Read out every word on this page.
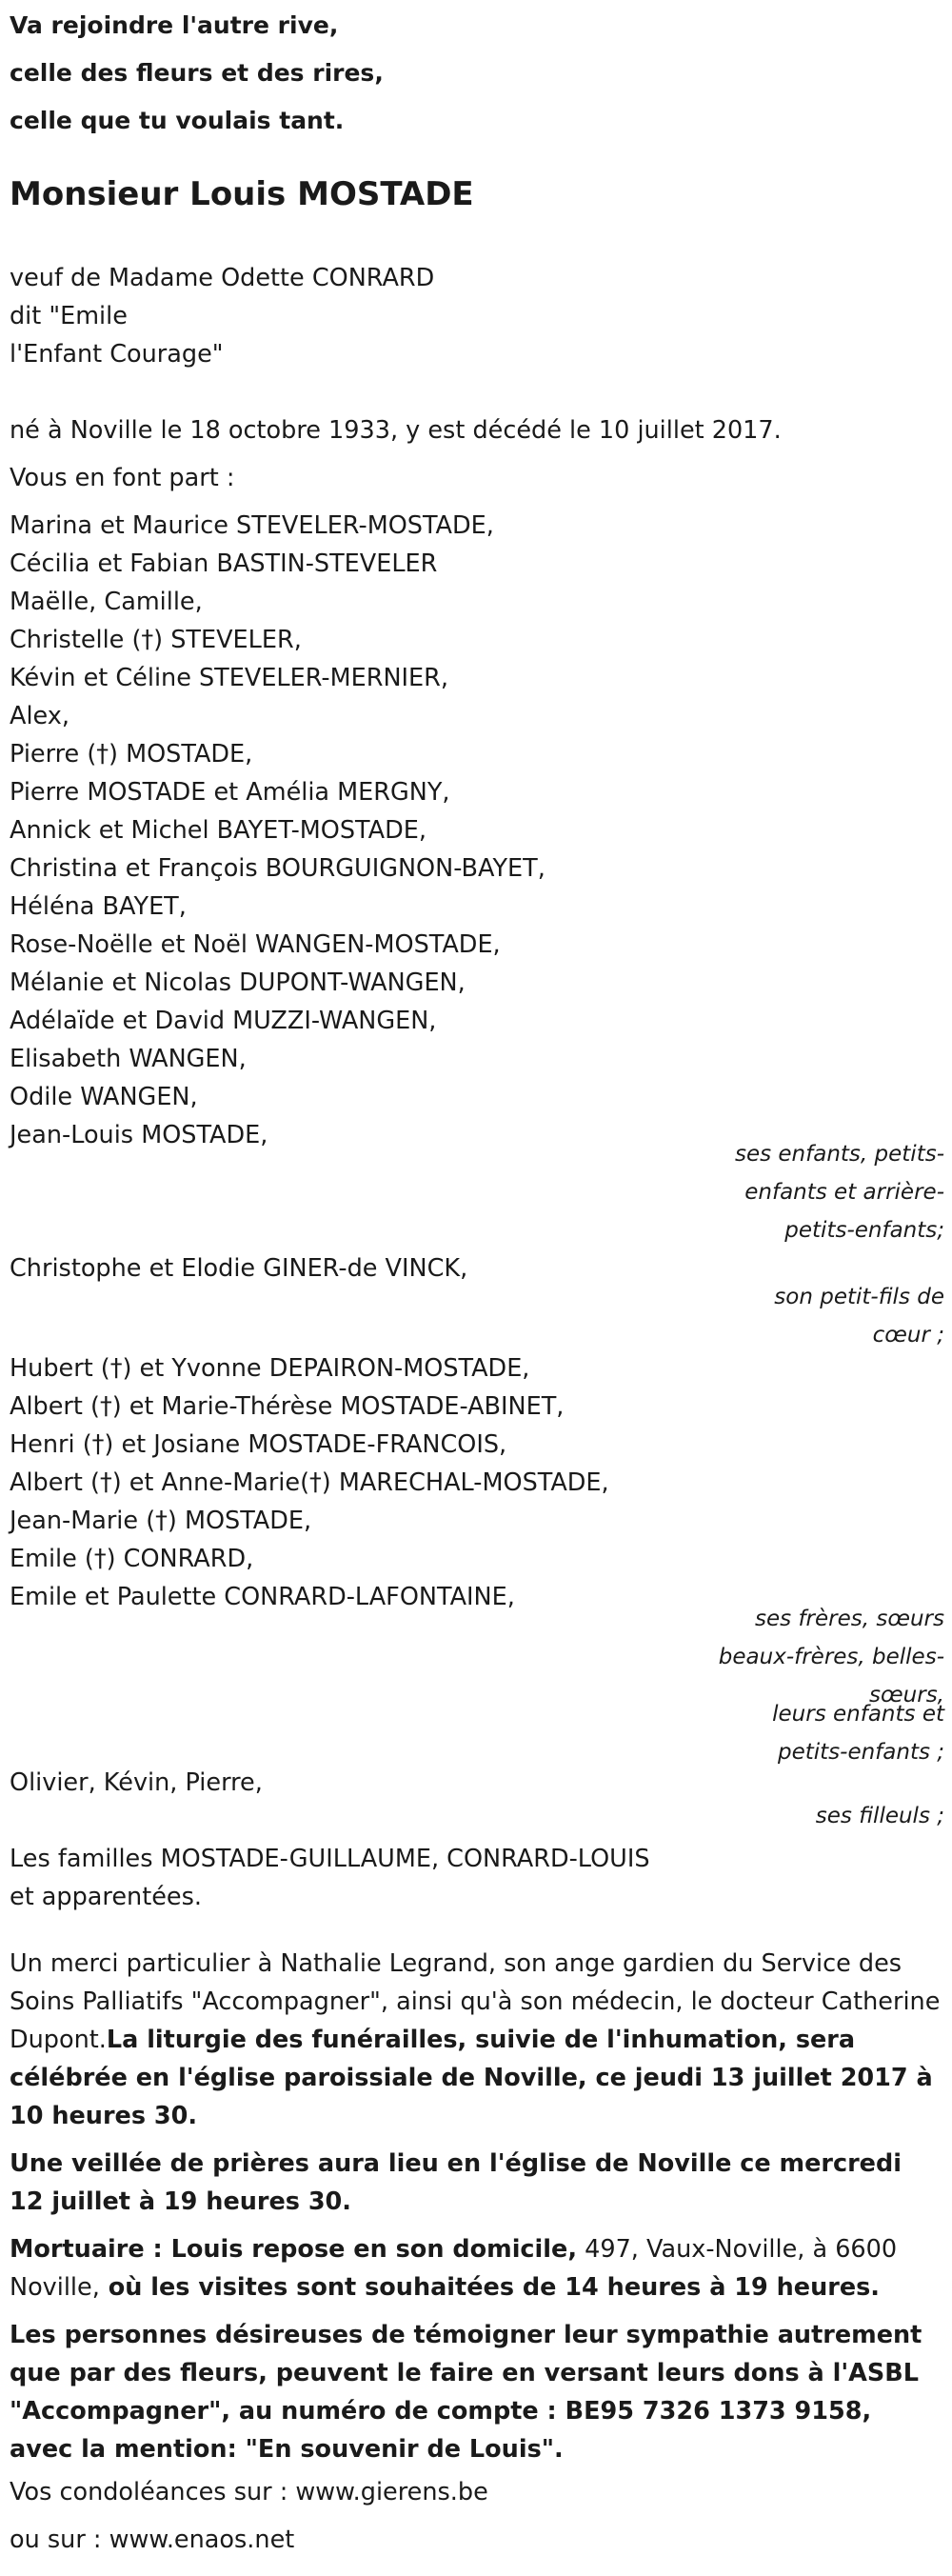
Va rejoindre l'autre rive,
celle des fleurs et des rires,
celle que tu voulais tant.
Monsieur Louis MOSTADE
veuf de Madame Odette CONRARD
dit "Emile
l'Enfant Courage"
né à Noville le 18 octobre 1933, y est décédé le 10 juillet 2017.
Vous en font part :
Marina et Maurice STEVELER-MOSTADE,
Cécilia et Fabian BASTIN-STEVELER
Maëlle, Camille,
Christelle (†) STEVELER,
Kévin et Céline STEVELER-MERNIER,
Alex,
Pierre (†) MOSTADE,
Pierre MOSTADE et Amélia MERGNY,
Annick et Michel BAYET-MOSTADE,
Christina et François BOURGUIGNON-BAYET,
Héléna BAYET,
Rose-Noëlle et Noël WANGEN-MOSTADE,
Mélanie et Nicolas DUPONT-WANGEN,
Adélaïde et David MUZZI-WANGEN,
Elisabeth WANGEN,
Odile WANGEN,
Jean-Louis MOSTADE,
ses enfants, petits-
enfants et arrière-
petits-enfants;
Christophe et Elodie GINER-de VINCK,
son petit-fils de
cœur ;
Hubert (†) et Yvonne DEPAIRON-MOSTADE,
Albert (†) et Marie-Thérèse MOSTADE-ABINET,
Henri (†) et Josiane MOSTADE-FRANCOIS,
Albert (†) et Anne-Marie(†) MARECHAL-MOSTADE,
Jean-Marie (†) MOSTADE,
Emile (†) CONRARD,
Emile et Paulette CONRARD-LAFONTAINE,
ses frères, sœurs
beaux-frères, belles-
sœurs,
leurs enfants et
petits-enfants ;
Olivier, Kévin, Pierre,
ses filleuls ;
Les familles MOSTADE-GUILLAUME, CONRARD-LOUIS
et apparentées.
Un merci particulier à Nathalie Legrand, son ange gardien du Service des Soins Palliatifs "Accompagner", ainsi qu'à son médecin, le docteur Catherine Dupont.La liturgie des funérailles, suivie de l'inhumation, sera célébrée en l'église paroissiale de Noville, ce jeudi 13 juillet 2017 à 10 heures 30.
Une veillée de prières aura lieu en l'église de Noville ce mercredi 12 juillet à 19 heures 30.
Mortuaire : Louis repose en son domicile, 497, Vaux-Noville, à 6600 Noville, où les visites sont souhaitées de 14 heures à 19 heures.
Les personnes désireuses de témoigner leur sympathie autrement que par des fleurs, peuvent le faire en versant leurs dons à l'ASBL "Accompagner", au numéro de compte : BE95 7326 1373 9158, avec la mention: "En souvenir de Louis".
Vos condoléances sur : www.gierens.be
ou sur : www.enaos.net
